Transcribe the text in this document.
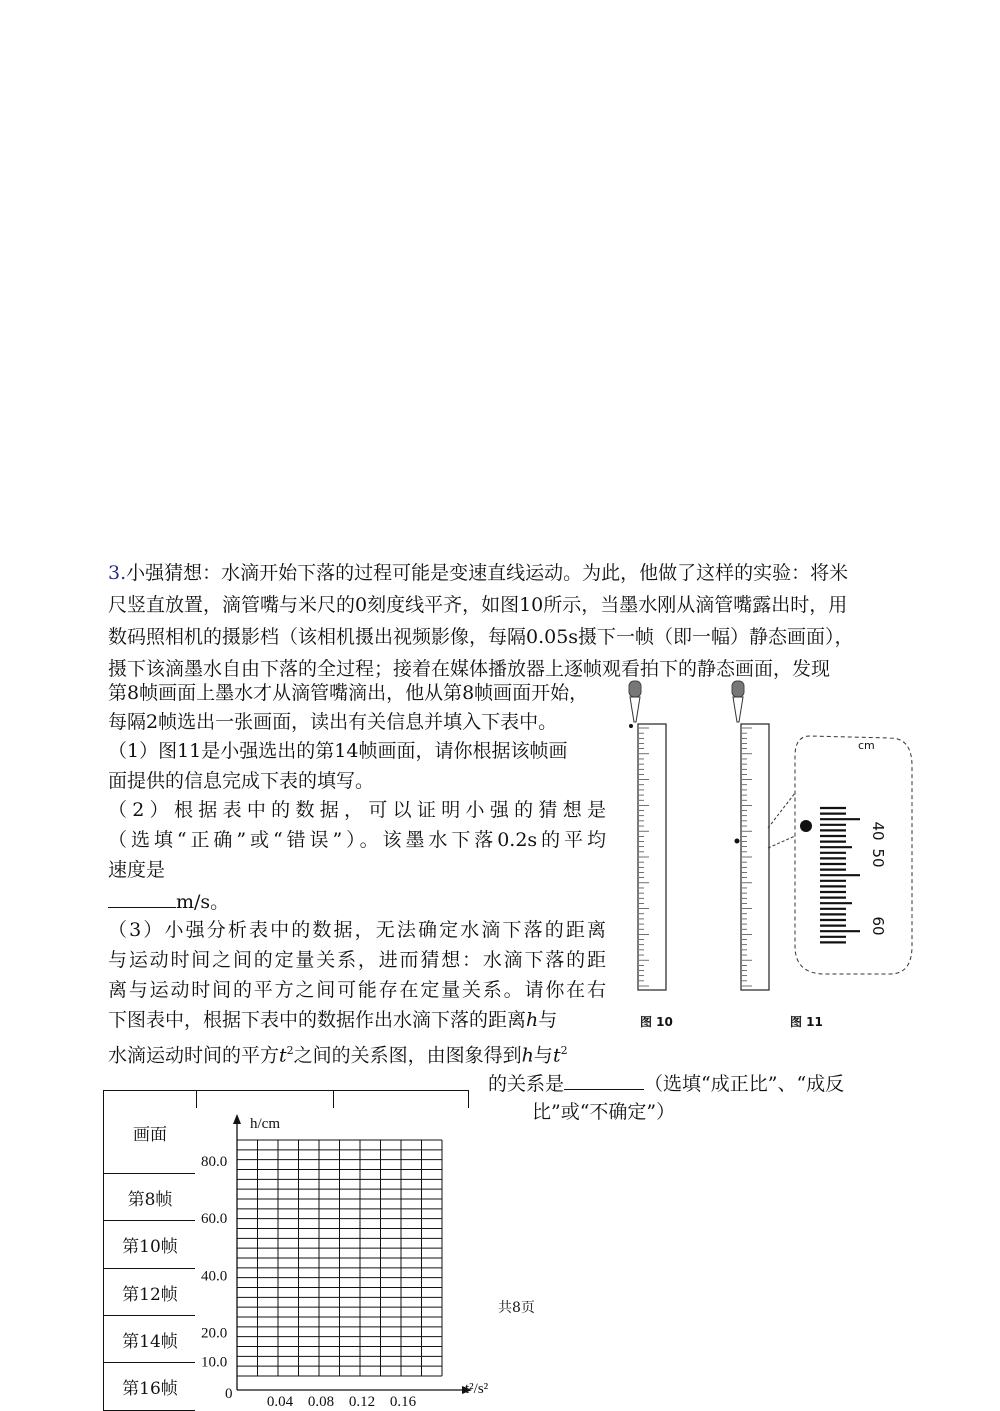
3.小强猜想：水滴开始下落的过程可能是变速直线运动。为此，他做了这样的实验：将米
尺竖直放置，滴管嘴与米尺的0刻度线平齐，如图10所示，当墨水刚从滴管嘴露出时，用
数码照相机的摄影档（该相机摄出视频影像，每隔0.05s摄下一帧（即一幅）静态画面），
摄下该滴墨水自由下落的全过程；接着在媒体播放器上逐帧观看拍下的静态画面，发现
第8帧画面上墨水才从滴管嘴滴出，他从第8帧画面开始，
每隔2帧选出一张画面，读出有关信息并填入下表中。
（1）图11是小强选出的第14帧画面，请你根据该帧画
面提供的信息完成下表的填写。
（2）根据表中的数据，可以证明小强的猜想是
（选填“正确”或“错误”）。该墨水下落0.2s的平均
速度是
m/s。
（3）小强分析表中的数据，无法确定水滴下落的距离
与运动时间之间的定量关系，进而猜想：水滴下落的距
离与运动时间的平方之间可能存在定量关系。请你在右
下图表中，根据下表中的数据作出水滴下落的距离h与
水滴运动时间的平方$t^2$之间的关系图，由图象得到h与$t^2$
的关系是	（选填“成正比”、“成反
比”或“不确定”）
cm
40
50
60
图 10	图 11
画面
第8帧
第10帧
第12帧
第14帧
第16帧	0
10.0
20.0
40.0
60.0
80.0
0.04 0.08 0.12 0.16
h/cm
t²/s²
共8页
